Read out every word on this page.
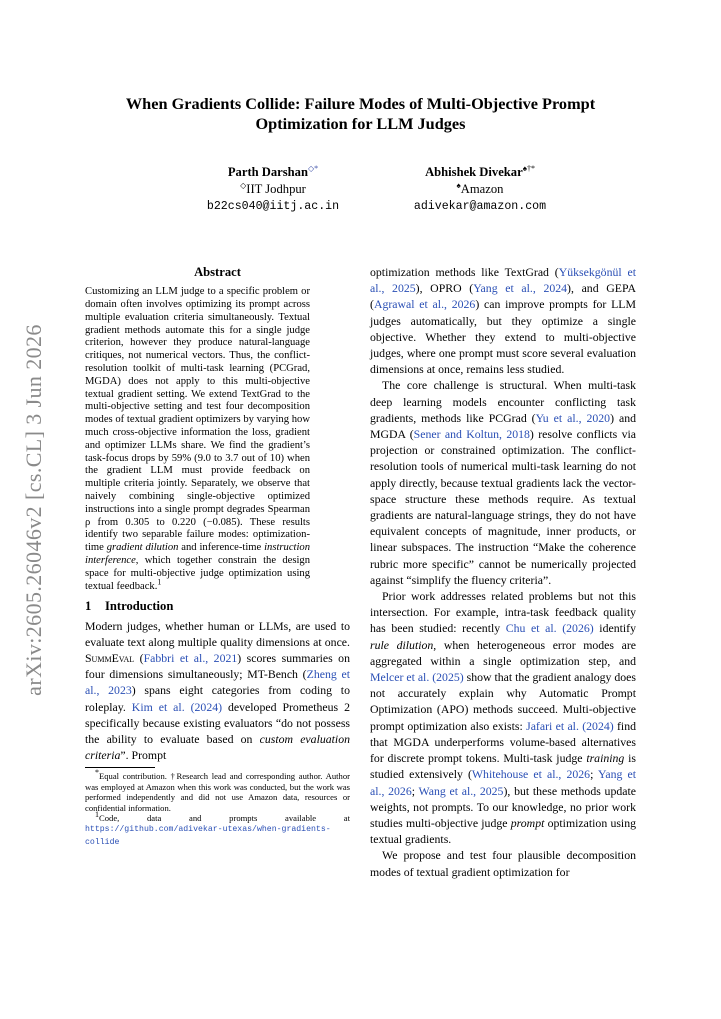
arXiv:2605.26046v2 [cs.CL] 3 Jun 2026
When Gradients Collide: Failure Modes of Multi-Objective Prompt
Optimization for LLM Judges
Parth Darshan◇*
◇IIT Jodhpur
b22cs040@iitj.ac.in
Abhishek Divekar♠†*
♠Amazon
adivekar@amazon.com
Abstract

Customizing an LLM judge to a specific problem or domain often involves optimizing its prompt across multiple evaluation criteria simultaneously. Textual gradient methods automate this for a single judge criterion, however they produce natural-language critiques, not numerical vectors. Thus, the conflict-resolution toolkit of multi-task learning (PCGrad, MGDA) does not apply to this multi-objective textual gradient setting. We extend TextGrad to the multi-objective setting and test four decomposition modes of textual gradient optimizers by varying how much cross-objective information the loss, gradient and optimizer LLMs share. We find the gradient’s task-focus drops by 59% (9.0 to 3.7 out of 10) when the gradient LLM must provide feedback on multiple criteria jointly. Separately, we observe that naively combining single-objective optimized instructions into a single prompt degrades Spearman ρ from 0.305 to 0.220 (−0.085). These results identify two separable failure modes: optimization-time gradient dilution and inference-time instruction interference, which together constrain the design space for multi-objective judge optimization using textual feedback.$^1$

1 Introduction

Modern judges, whether human or LLMs, are used to evaluate text along multiple quality dimensions at once. SummEval (Fabbri et al., 2021) scores summaries on four dimensions simultaneously; MT-Bench (Zheng et al., 2023) spans eight categories from coding to roleplay. Kim et al. (2024) developed Prometheus 2 specifically because existing evaluators “do not possess the ability to evaluate based on custom evaluation criteria”. Prompt

*Equal contribution. †Research lead and corresponding author. Author was employed at Amazon when this work was conducted, but the work was performed independently and did not use Amazon data, resources or confidential information.

1Code, data and prompts available at https://github.com/adivekar-utexas/when-gradients-collide

optimization methods like TextGrad (Yüksekgönül et al., 2025), OPRO (Yang et al., 2024), and GEPA (Agrawal et al., 2026) can improve prompts for LLM judges automatically, but they optimize a single objective. Whether they extend to multi-objective judges, where one prompt must score several evaluation dimensions at once, remains less studied.

The core challenge is structural. When multi-task deep learning models encounter conflicting task gradients, methods like PCGrad (Yu et al., 2020) and MGDA (Sener and Koltun, 2018) resolve conflicts via projection or constrained optimization. The conflict-resolution tools of numerical multi-task learning do not apply directly, because textual gradients lack the vector-space structure these methods require. As textual gradients are natural-language strings, they do not have equivalent concepts of magnitude, inner products, or linear subspaces. The instruction “Make the coherence rubric more specific” cannot be numerically projected against “simplify the fluency criteria”.

Prior work addresses related problems but not this intersection. For example, intra-task feedback quality has been studied: recently Chu et al. (2026) identify rule dilution, when heterogeneous error modes are aggregated within a single optimization step, and Melcer et al. (2025) show that the gradient analogy does not accurately explain why Automatic Prompt Optimization (APO) methods succeed. Multi-objective prompt optimization also exists: Jafari et al. (2024) find that MGDA underperforms volume-based alternatives for discrete prompt tokens. Multi-task judge training is studied extensively (Whitehouse et al., 2026; Yang et al., 2026; Wang et al., 2025), but these methods update weights, not prompts. To our knowledge, no prior work studies multi-objective judge prompt optimization using textual gradients.

We propose and test four plausible decomposition modes of textual gradient optimization for
